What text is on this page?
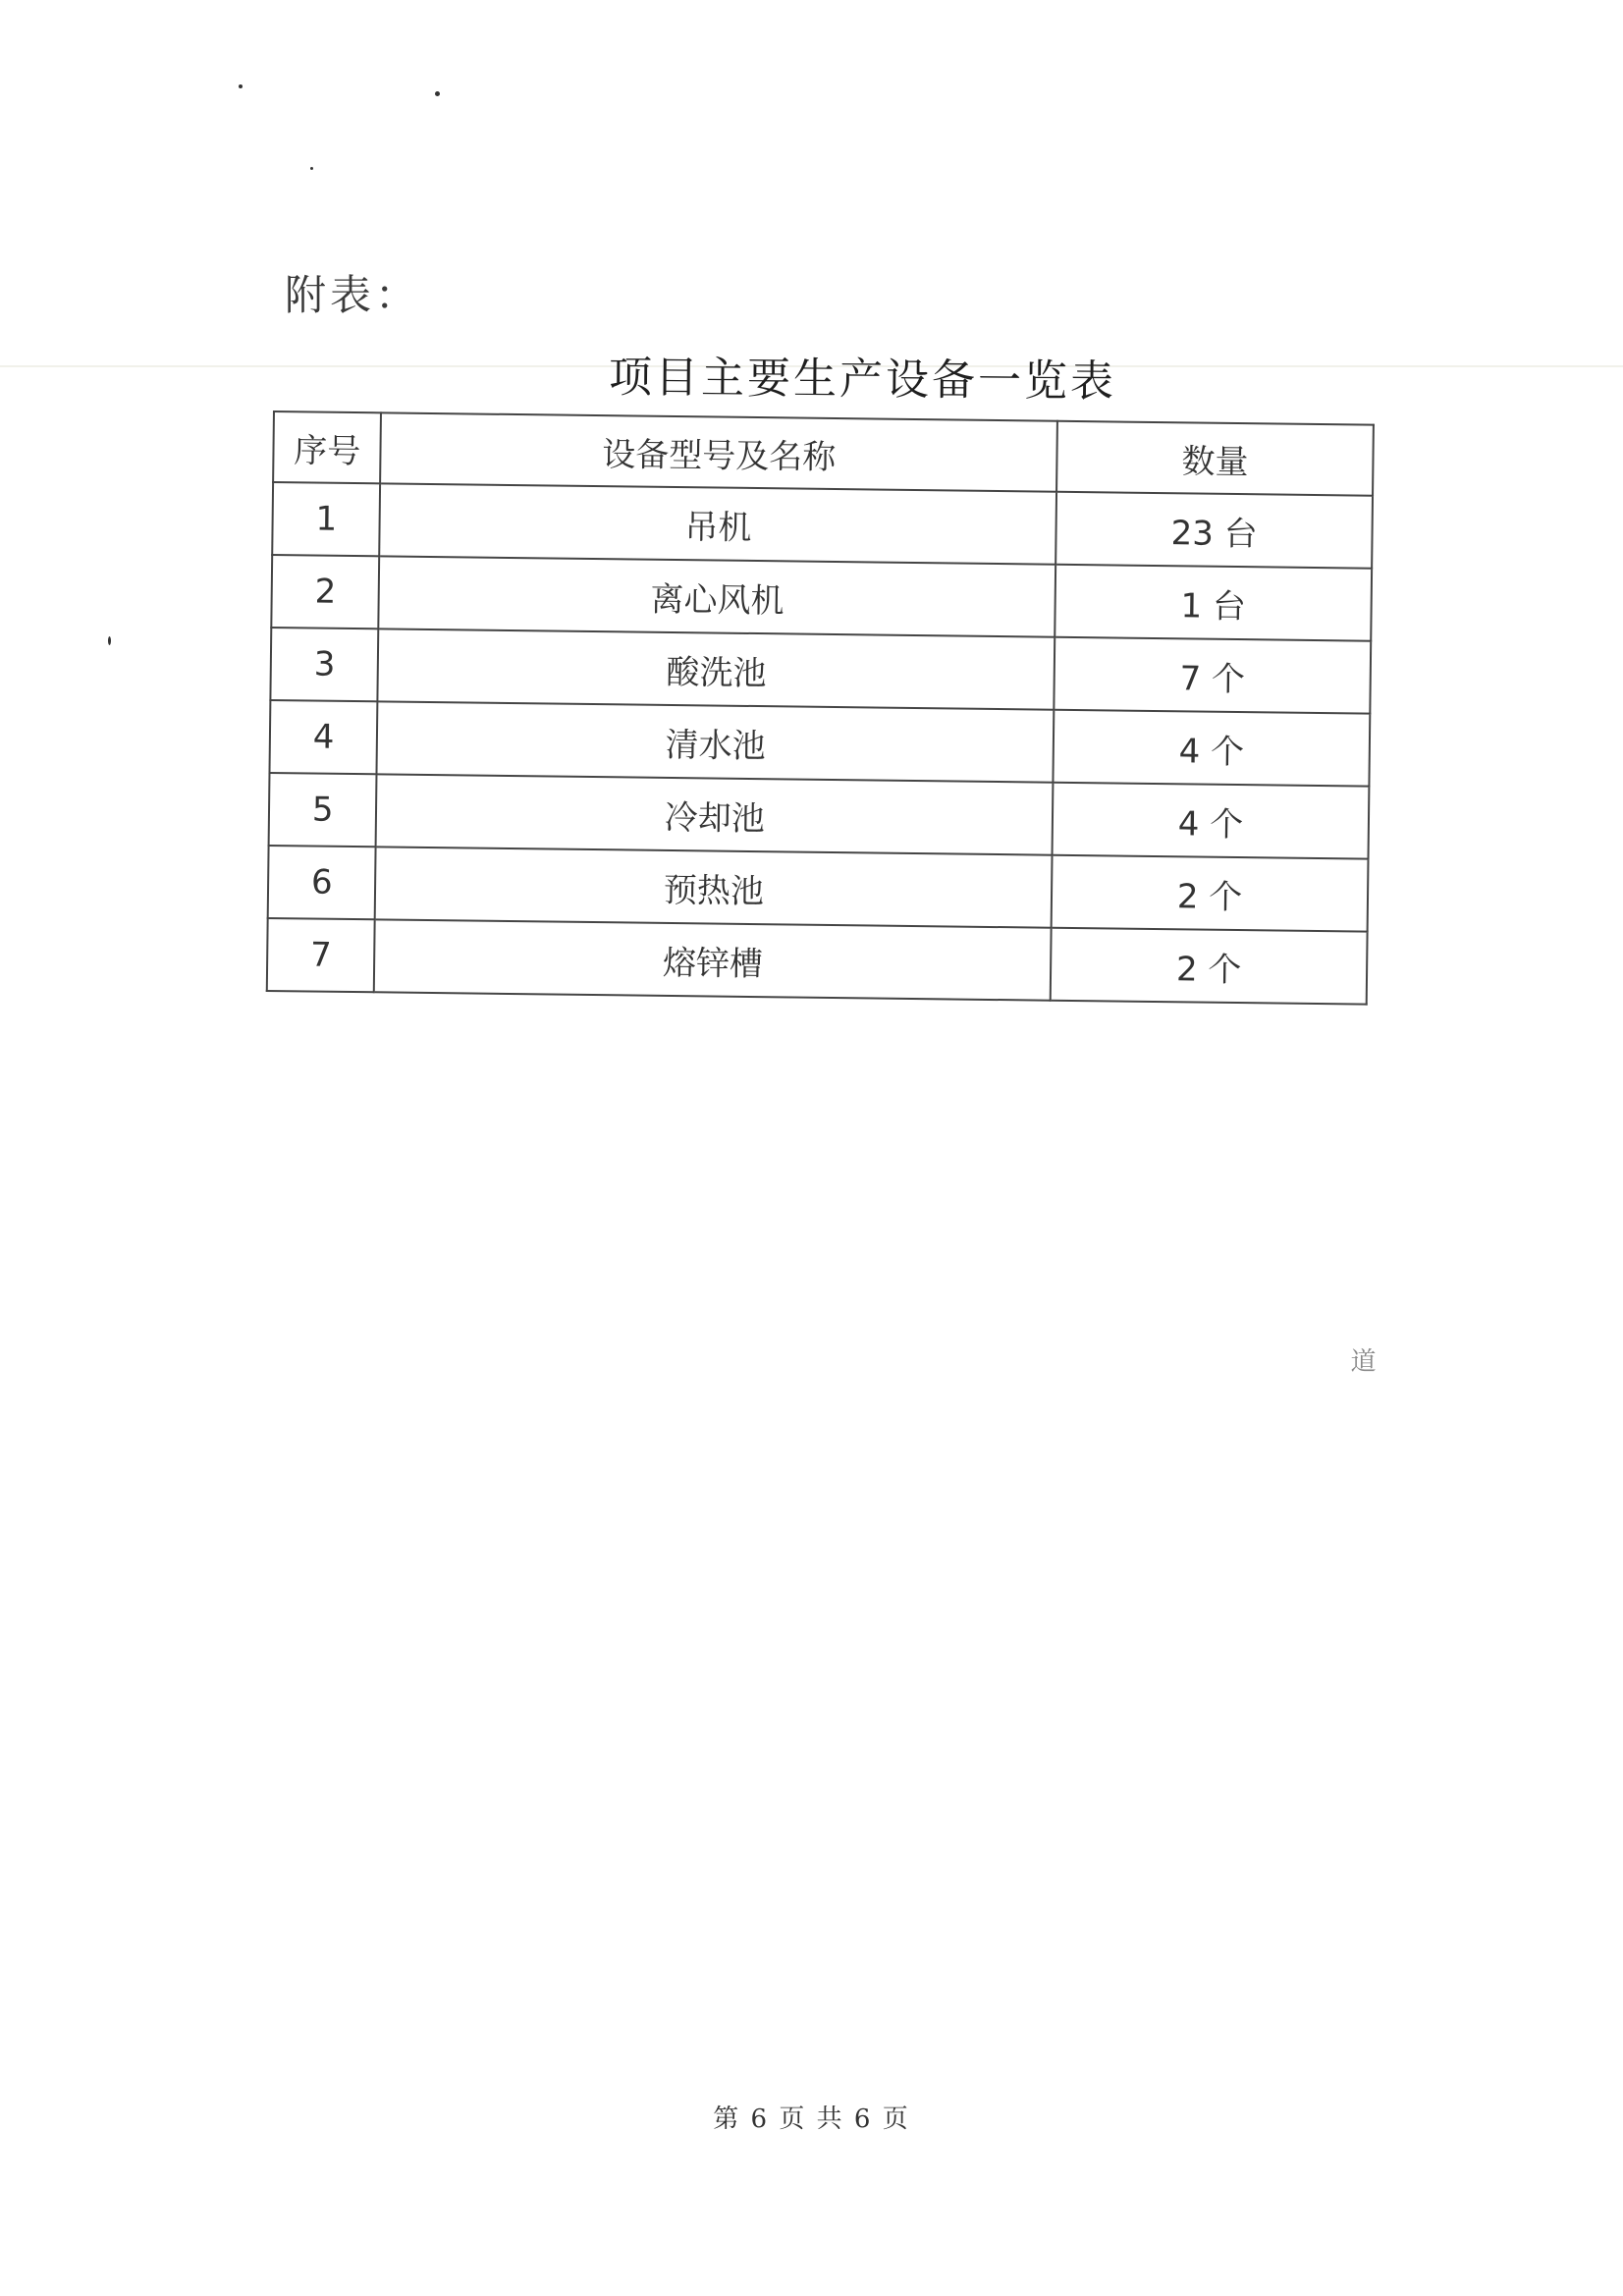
附表：
项目主要生产设备一览表
序号	设备型号及名称	数量
1	吊机	23 台
2	离心风机	1 台
3	酸洗池	7 个
4	清水池	4 个
5	冷却池	4 个
6	预热池	2 个
7	熔锌槽	2 个
道
第 6 页 共 6 页
